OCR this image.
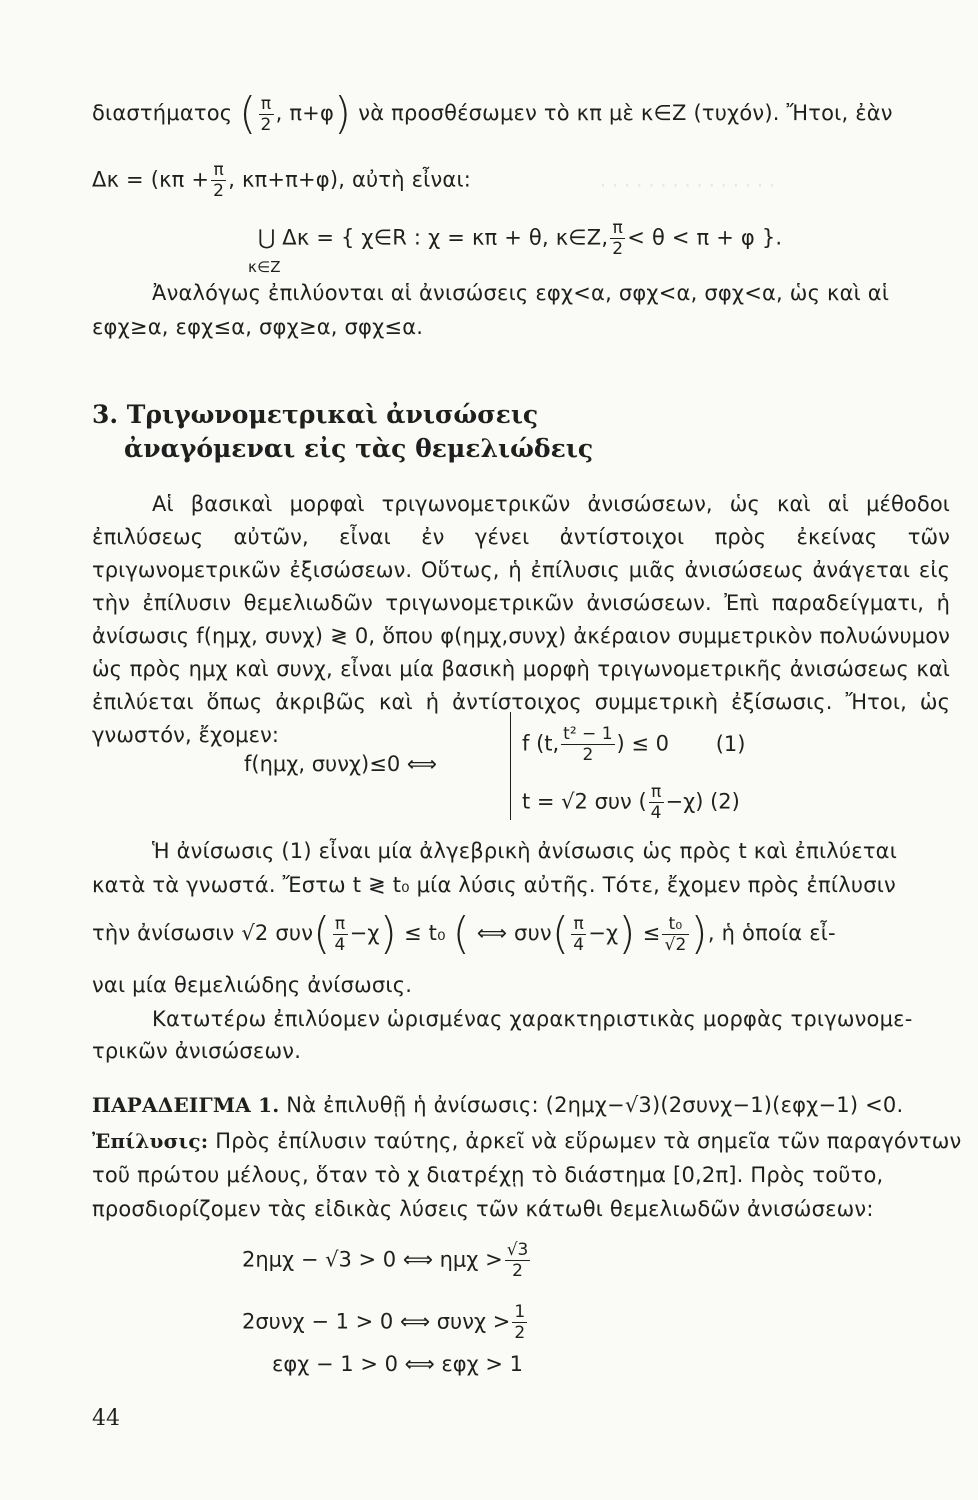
· · · · · · · · · · · · · · ·
διαστήματος ( $\frac{\pi}{2}$ , π+φ) νὰ προσθέσωμεν τὸ κπ μὲ κ∈Z (τυχόν). Ἤτοι, ἐὰν
$\Delta\kappa = (\kappa\pi + \frac{\pi}{2}$ , κπ+π+φ), αὐτὴ εἶναι:
⋃ Δκ = { χ∈R : χ = κπ + θ, κ∈Z, $\frac{\pi}{2} < \theta < \pi + \varphi$ }.
κ∈Z
Ἀναλόγως ἐπιλύονται αἱ ἀνισώσεις εφχ<α, σφχ<α, σφχ<α, ὡς καὶ αἱ
εφχ≥α, εφχ≤α, σφχ≥α, σφχ≤α.
3. Τριγωνομετρικαὶ ἀνισώσεις
ἀναγόμεναι εἰς τὰς θεμελιώδεις
Αἱ βασικαὶ μορφαὶ τριγωνομετρικῶν ἀνισώσεων, ὡς καὶ αἱ μέθοδοι ἐπιλύσεως αὐτῶν, εἶναι ἐν γένει ἀντίστοιχοι πρὸς ἐκείνας τῶν τριγωνομετρικῶν ἐξισώσεων. Οὕτως, ἡ ἐπίλυσις μιᾶς ἀνισώσεως ἀνάγεται εἰς τὴν ἐπίλυσιν θεμελιωδῶν τριγωνομετρικῶν ἀνισώσεων. Ἐπὶ παραδείγματι, ἡ ἀνίσωσις f(ημχ, συνχ) ≷ 0, ὅπου φ(ημχ,συνχ) ἀκέραιον συμμετρικὸν πολυώνυμον ὡς πρὸς ημχ καὶ συνχ, εἶναι μία βασικὴ μορφὴ τριγωνομετρικῆς ἀνισώσεως καὶ ἐπιλύεται ὅπως ἀκριβῶς καὶ ἡ ἀντίστοιχος συμμετρικὴ ἐξίσωσις. Ἤτοι, ὡς γνωστόν, ἔχομεν:
f(ημχ, συνχ)≤0 ⟺
f (t, $\frac{\text{t² − 1}}{2}$ ) ≤ 0 (1)
t = √2 συν ( $\frac{\pi}{4} -\chi$) (2)
Ἡ ἀνίσωσις (1) εἶναι μία ἀλγεβρικὴ ἀνίσωσις ὡς πρὸς t καὶ ἐπιλύεται
κατὰ τὰ γνωστά. Ἔστω t ≷ t₀ μία λύσις αὐτῆς. Τότε, ἔχομεν πρὸς ἐπίλυσιν
τὴν ἀνίσωσιν √2 $\sigma\upsilon\nu( \frac{\pi}{4} -\chi) \le t_0$ ( ⟺ $\sigma\upsilon\nu( \frac{\pi}{4} -\chi) \le \frac{\text{t₀}}{√2}$ ), ἡ ὁποία εἶ-
ναι μία θεμελιώδης ἀνίσωσις.
Κατωτέρω ἐπιλύομεν ὡρισμένας χαρακτηριστικὰς μορφὰς τριγωνομε-
τρικῶν ἀνισώσεων.
ΠΑΡΑΔΕΙΓΜΑ 1. Νὰ ἐπιλυθῇ ἡ ἀνίσωσις: (2ημχ−√3)(2συνχ−1)(εφχ−1) <0.
Ἐπίλυσις: Πρὸς ἐπίλυσιν ταύτης, ἀρκεῖ νὰ εὕρωμεν τὰ σημεῖα τῶν παραγόντων
τοῦ πρώτου μέλους, ὅταν τὸ χ διατρέχῃ τὸ διάστημα [0,2π]. Πρὸς τοῦτο,
προσδιορίζομεν τὰς εἰδικὰς λύσεις τῶν κάτωθι θεμελιωδῶν ἀνισώσεων:
2ημχ − √3 > 0 ⟺ $\eta\mu\chi > \frac{√3}{2}$
2συνχ − 1 > 0 ⟺ $\sigma\upsilon\nu\chi > \frac{1}{2}$
εφχ − 1 > 0 ⟺ εφχ > 1
44
